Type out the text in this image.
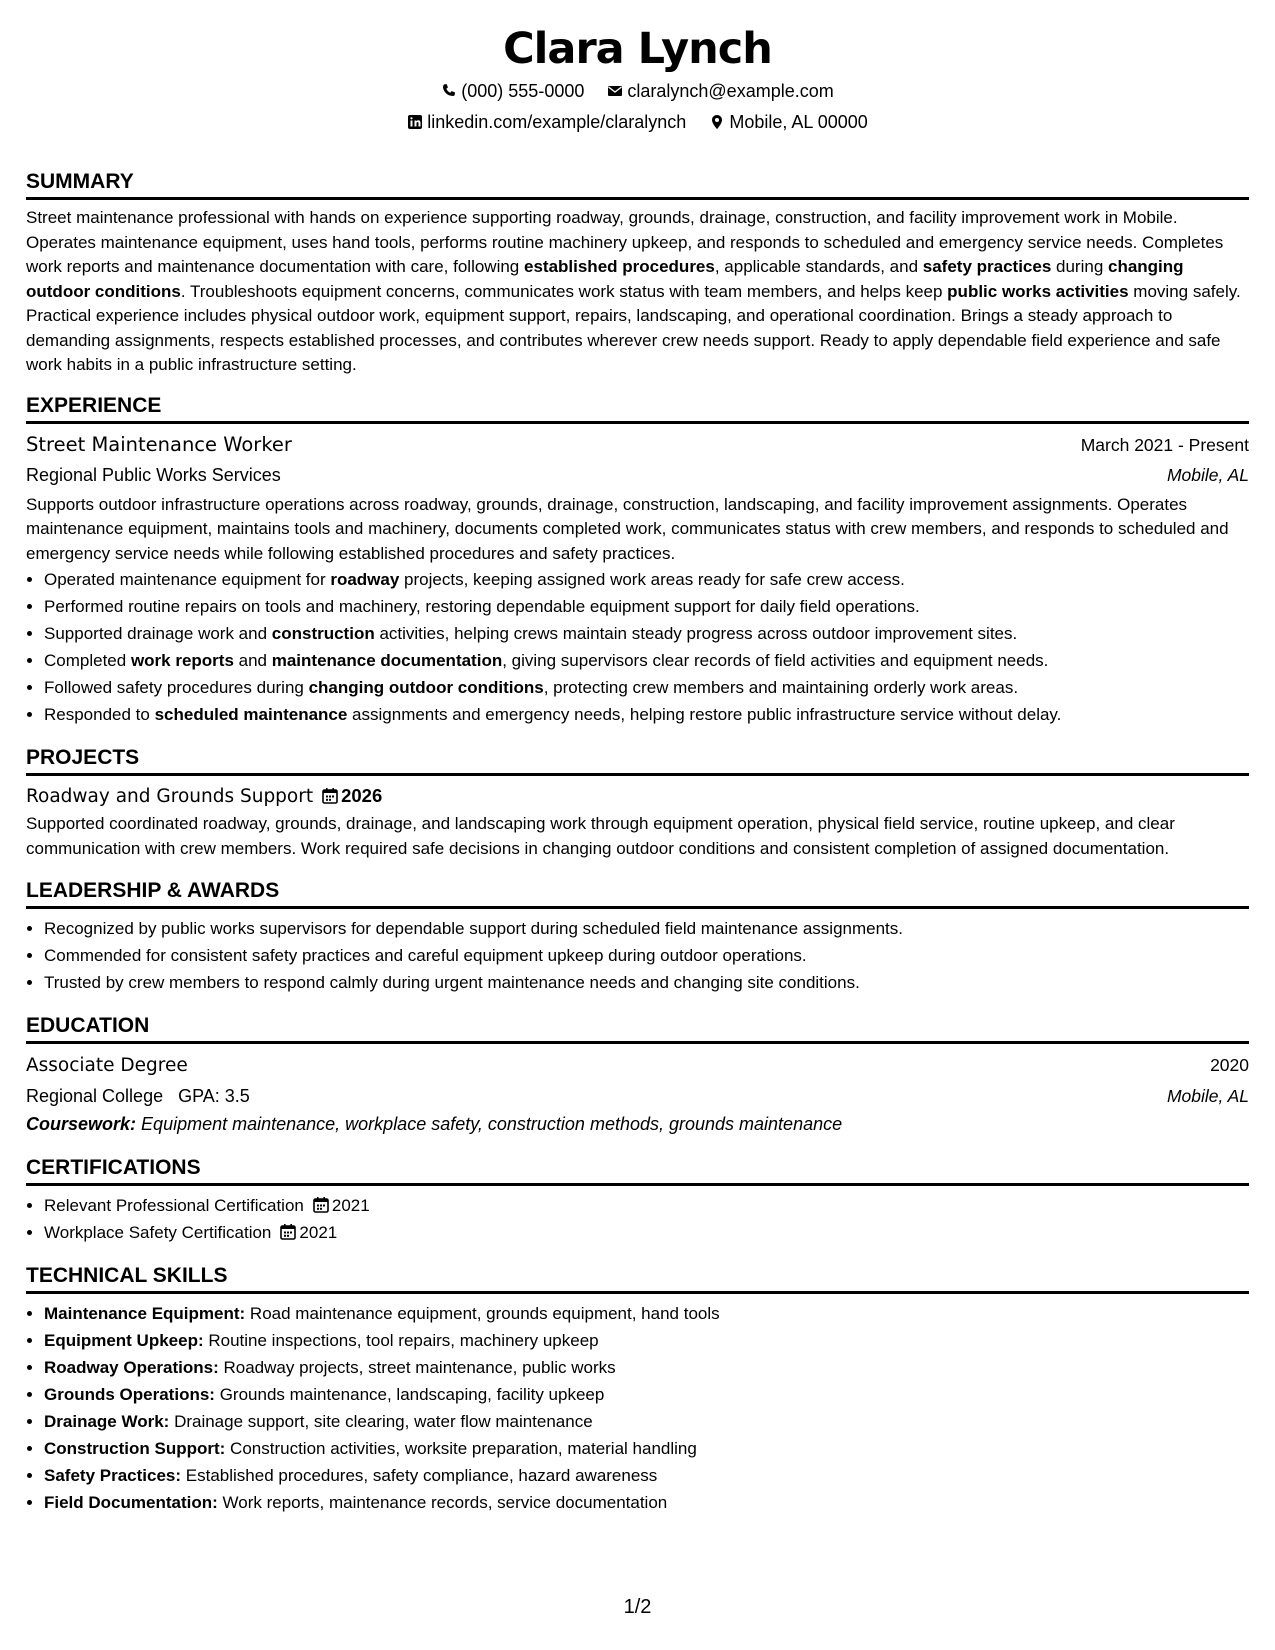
Clara Lynch
(000) 555-0000 claralynch@example.com
linkedin.com/example/claralynch Mobile, AL 00000
SUMMARY

Street maintenance professional with hands on experience supporting roadway, grounds, drainage, construction, and facility improvement work in Mobile. Operates maintenance equipment, uses hand tools, performs routine machinery upkeep, and responds to scheduled and emergency service needs. Completes work reports and maintenance documentation with care, following established procedures, applicable standards, and safety practices during changing outdoor conditions. Troubleshoots equipment concerns, communicates work status with team members, and helps keep public works activities moving safely. Practical experience includes physical outdoor work, equipment support, repairs, landscaping, and operational coordination. Brings a steady approach to demanding assignments, respects established processes, and contributes wherever crew needs support. Ready to apply dependable field experience and safe work habits in a public infrastructure setting.

EXPERIENCE
Street Maintenance Worker	March 2021 - Present
Regional Public Works Services	Mobile, AL

Supports outdoor infrastructure operations across roadway, grounds, drainage, construction, landscaping, and facility improvement assignments. Operates maintenance equipment, maintains tools and machinery, documents completed work, communicates status with crew members, and responds to scheduled and emergency service needs while following established procedures and safety practices.

• Operated maintenance equipment for roadway projects, keeping assigned work areas ready for safe crew access.
• Performed routine repairs on tools and machinery, restoring dependable equipment support for daily field operations.
• Supported drainage work and construction activities, helping crews maintain steady progress across outdoor improvement sites.
• Completed work reports and maintenance documentation, giving supervisors clear records of field activities and equipment needs.
• Followed safety procedures during changing outdoor conditions, protecting crew members and maintaining orderly work areas.
• Responded to scheduled maintenance assignments and emergency needs, helping restore public infrastructure service without delay.
PROJECTS
Roadway and Grounds Support 2026

Supported coordinated roadway, grounds, drainage, and landscaping work through equipment operation, physical field service, routine upkeep, and clear communication with crew members. Work required safe decisions in changing outdoor conditions and consistent completion of assigned documentation.

LEADERSHIP & AWARDS
• Recognized by public works supervisors for dependable support during scheduled field maintenance assignments.
• Commended for consistent safety practices and careful equipment upkeep during outdoor operations.
• Trusted by crew members to respond calmly during urgent maintenance needs and changing site conditions.
EDUCATION
Associate Degree	2020
Regional College GPA: 3.5	Mobile, AL
Coursework: Equipment maintenance, workplace safety, construction methods, grounds maintenance
CERTIFICATIONS
• Relevant Professional Certification 2021
• Workplace Safety Certification 2021
TECHNICAL SKILLS
• Maintenance Equipment: Road maintenance equipment, grounds equipment, hand tools
• Equipment Upkeep: Routine inspections, tool repairs, machinery upkeep
• Roadway Operations: Roadway projects, street maintenance, public works
• Grounds Operations: Grounds maintenance, landscaping, facility upkeep
• Drainage Work: Drainage support, site clearing, water flow maintenance
• Construction Support: Construction activities, worksite preparation, material handling
• Safety Practices: Established procedures, safety compliance, hazard awareness
• Field Documentation: Work reports, maintenance records, service documentation
1/2
